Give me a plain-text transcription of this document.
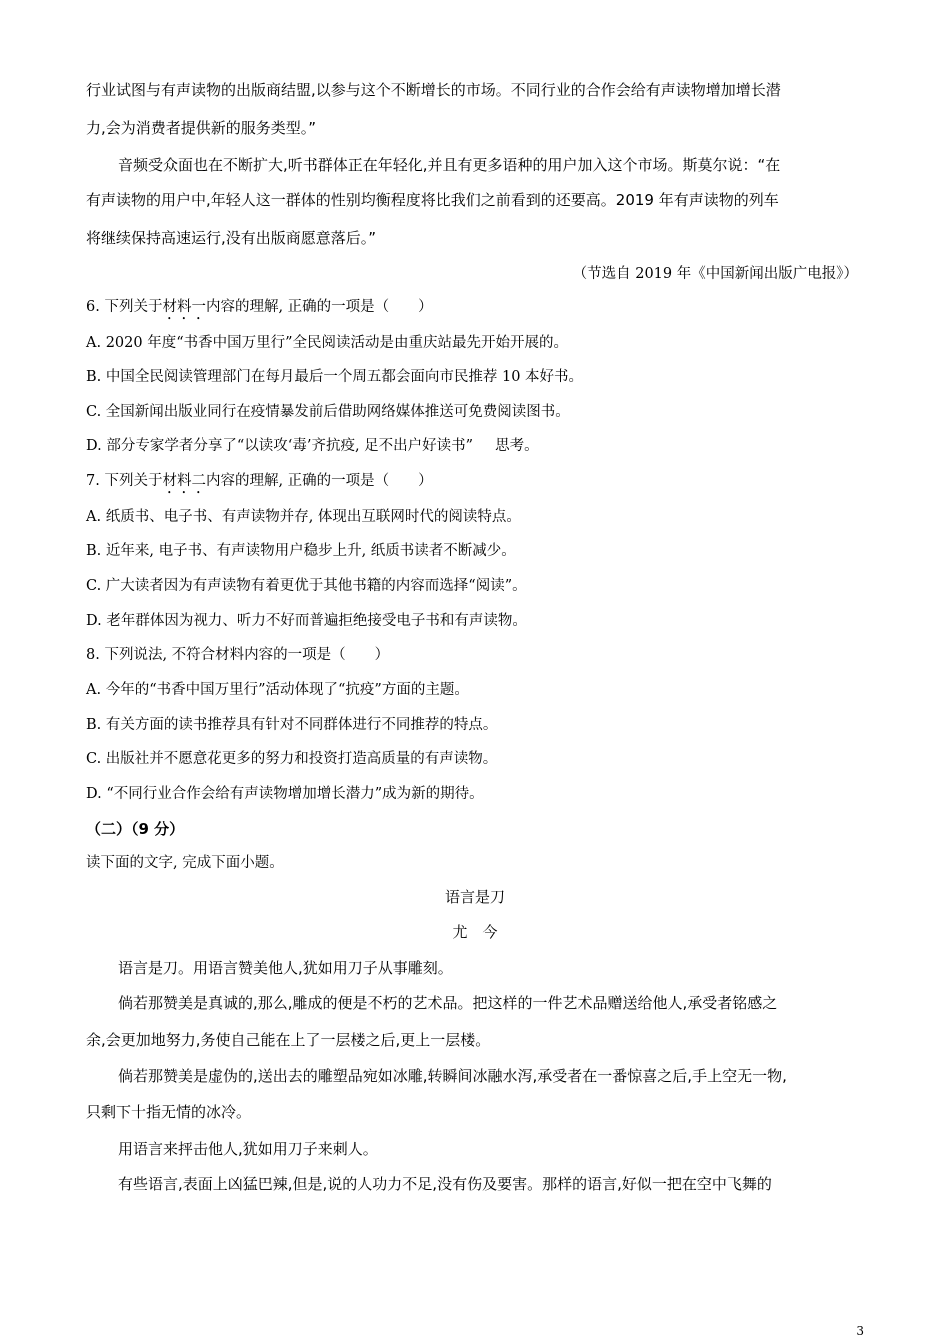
行业试图与有声读物的出版商结盟,以参与这个不断增长的市场。不同行业的合作会给有声读物增加增长潜
力,会为消费者提供新的服务类型。”
音频受众面也在不断扩大,听书群体正在年轻化,并且有更多语种的用户加入这个市场。斯莫尔说：“在
有声读物的用户中,年轻人这一群体的性别均衡程度将比我们之前看到的还要高。2019 年有声读物的列车
将继续保持高速运行,没有出版商愿意落后。”
（节选自 2019 年《中国新闻出版广电报》）
6. 下列关于材料一内容的理解, 正确的一项是（　　）
A. 2020 年度“书香中国万里行”全民阅读活动是由重庆站最先开始开展的。
B. 中国全民阅读管理部门在每月最后一个周五都会面向市民推荐 10 本好书。
C. 全国新闻出版业同行在疫情暴发前后借助网络媒体推送可免费阅读图书。
D. 部分专家学者分享了“以读攻‘毒’齐抗疫, 足不出户好读书” 思考。
7. 下列关于材料二内容的理解, 正确的一项是（　　）
A. 纸质书、电子书、有声读物并存, 体现出互联网时代的阅读特点。
B. 近年来, 电子书、有声读物用户稳步上升, 纸质书读者不断减少。
C. 广大读者因为有声读物有着更优于其他书籍的内容而选择“阅读”。
D. 老年群体因为视力、听力不好而普遍拒绝接受电子书和有声读物。
8. 下列说法, 不符合材料内容的一项是（　　）
A. 今年的“书香中国万里行”活动体现了“抗疫”方面的主题。
B. 有关方面的读书推荐具有针对不同群体进行不同推荐的特点。
C. 出版社并不愿意花更多的努力和投资打造高质量的有声读物。
D. “不同行业合作会给有声读物增加增长潜力”成为新的期待。
（二）（9 分）
读下面的文字, 完成下面小题。
语言是刀
尤　今
语言是刀。用语言赞美他人,犹如用刀子从事雕刻。
倘若那赞美是真诚的,那么,雕成的便是不朽的艺术品。把这样的一件艺术品赠送给他人,承受者铭感之
余,会更加地努力,务使自己能在上了一层楼之后,更上一层楼。
倘若那赞美是虚伪的,送出去的雕塑品宛如冰雕,转瞬间冰融水泻,承受者在一番惊喜之后,手上空无一物,
只剩下十指无情的冰冷。
用语言来抨击他人,犹如用刀子来刺人。
有些语言,表面上凶猛巴辣,但是,说的人功力不足,没有伤及要害。那样的语言,好似一把在空中飞舞的
3
